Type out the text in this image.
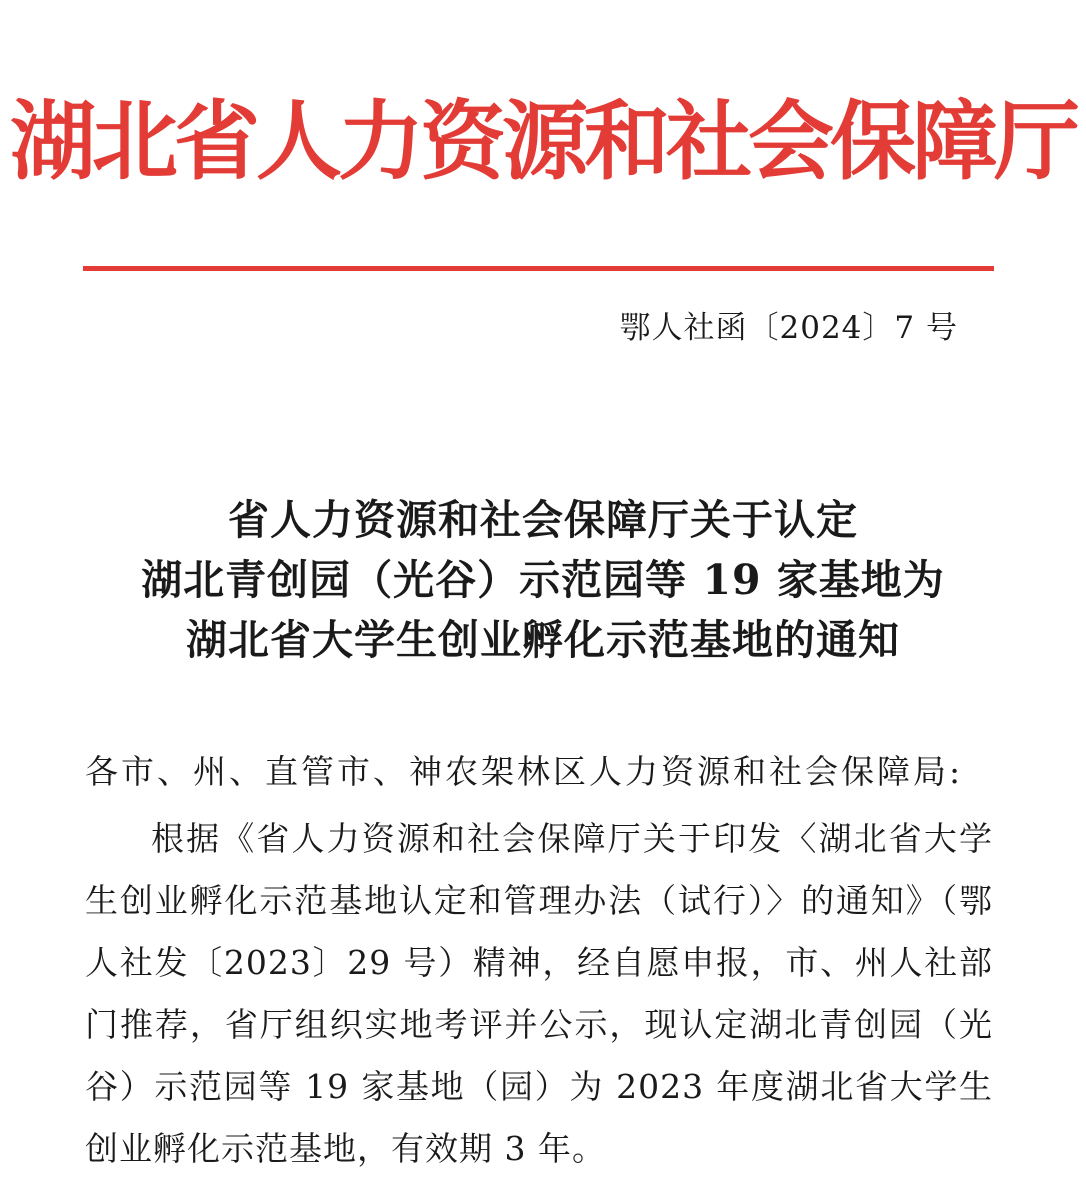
湖北省人力资源和社会保障厅
鄂人社函〔2024〕7 号
省人力资源和社会保障厅关于认定
湖北青创园（光谷）示范园等 19 家基地为
湖北省大学生创业孵化示范基地的通知
各市、州、直管市、神农架林区人力资源和社会保障局:
根据《省人力资源和社会保障厅关于印发〈湖北省大学生创业孵化示范基地认定和管理办法（试行）〉的通知》（鄂人社发〔2023〕29 号）精神，经自愿申报，市、州人社部门推荐，省厅组织实地考评并公示，现认定湖北青创园（光谷）示范园等 19 家基地（园）为 2023 年度湖北省大学生创业孵化示范基地，有效期 3 年。
